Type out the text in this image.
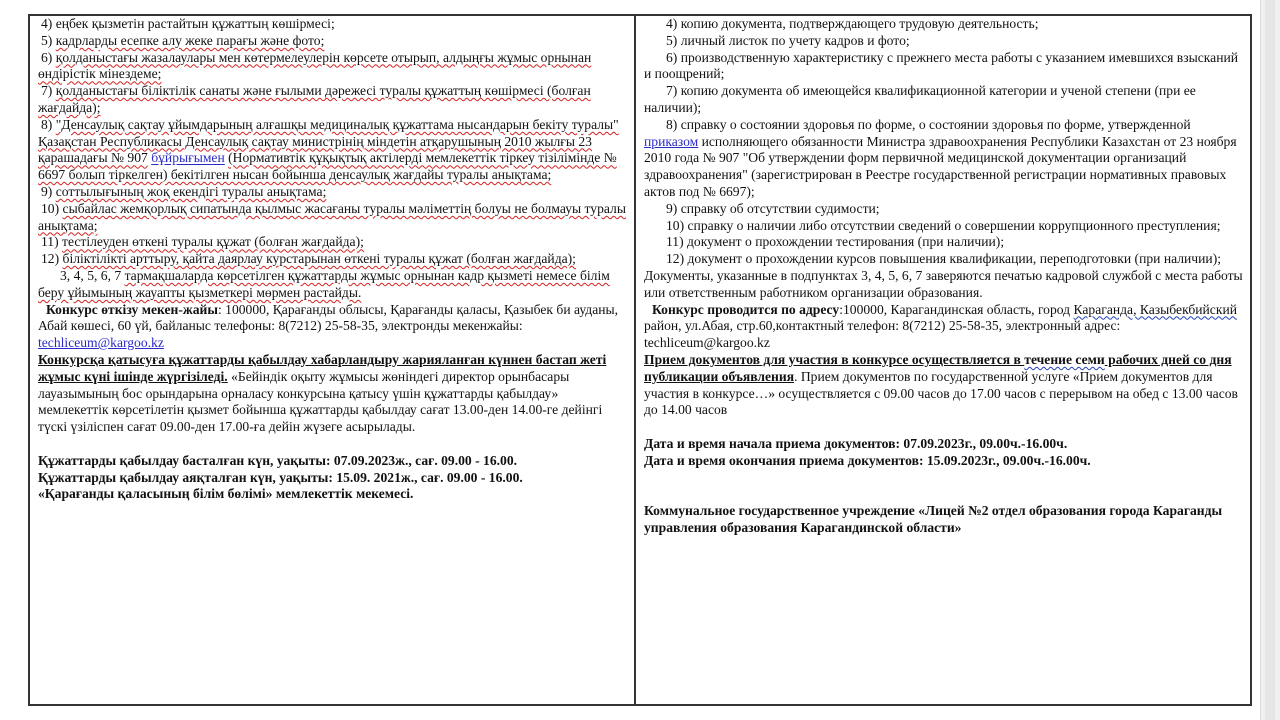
4) еңбек қызметін растайтын құжаттың көшірмесі;

5) кадрларды есепке алу жеке парағы және фото;

6) қолданыстағы жазалаулары мен көтермелеулерін көрсете отырып, алдыңғы жұмыс орнынан өндірістік мінездеме;

7) қолданыстағы біліктілік санаты және ғылыми дәрежесі туралы құжаттың көшірмесі (болған жағдайда);

8) "Денсаулық сақтау ұйымдарының алғашқы медициналық құжаттама нысандарын бекіту туралы" Қазақстан Республикасы Денсаулық сақтау министрінің міндетін атқарушының 2010 жылғы 23 қарашадағы № 907 бұйрығымен (Нормативтік құқықтық актілерді мемлекеттік тіркеу тізілімінде № 6697 болып тіркелген) бекітілген нысан бойынша денсаулық жағдайы туралы анықтама;

9) соттылығының жоқ екендігі туралы анықтама;

10) сыбайлас жемқорлық сипатында қылмыс жасағаны туралы мәліметтің болуы не болмауы туралы анықтама;

11) тестілеуден өткені туралы құжат (болған жағдайда);

12) біліктілікті арттыру, қайта даярлау курстарынан өткені туралы құжат (болған жағдайда);

3, 4, 5, 6, 7 тармақшаларда көрсетілген құжаттарды жұмыс орнынан кадр қызметі немесе білім беру ұйымының жауапты қызметкері мөрмен растайды.

Конкурс өткізу мекен-жайы: 100000, Қарағанды облысы, Қарағанды қаласы, Қазыбек би ауданы, Абай көшесі, 60 үй, байланыс телефоны: 8(7212) 25-58-35, электронды мекенжайы: techliceum@kargoo.kz

Конкурсқа қатысуға құжаттарды қабылдау хабарландыру жарияланған күннен бастап жеті жұмыс күні ішінде жүргізіледі. «Бейіндік оқыту жұмысы жөніндегі директор орынбасары лауазымының бос орындарына орналасу конкурсына қатысу үшін құжаттарды қабылдау» мемлекеттік көрсетілетін қызмет бойынша құжаттарды қабылдау сағат 13.00-ден 14.00-ге дейінгі түскі үзіліспен сағат 09.00-ден 17.00-ға дейін жүзеге асырылады.

Құжаттарды қабылдау басталған күн, уақыты: 07.09.2023ж., сағ. 09.00 - 16.00.

Құжаттарды қабылдау аяқталған күн, уақыты: 15.09. 2021ж., сағ. 09.00 - 16.00.

«Қарағанды қаласының білім бөлімі» мемлекеттік мекемесі.

4) копию документа, подтверждающего трудовую деятельность;

5) личный листок по учету кадров и фото;

6) производственную характеристику с прежнего места работы с указанием имевшихся взысканий и поощрений;

7) копию документа об имеющейся квалификационной категории и ученой степени (при ее наличии);

8) справку о состоянии здоровья по форме, о состоянии здоровья по форме, утвержденной приказом исполняющего обязанности Министра здравоохранения Республики Казахстан от 23 ноября 2010 года № 907 "Об утверждении форм первичной медицинской документации организаций здравоохранения" (зарегистрирован в Реестре государственной регистрации нормативных правовых актов под № 6697);

9) справку об отсутствии судимости;

10) справку о наличии либо отсутствии сведений о совершении коррупционного преступления;

11) документ о прохождении тестирования (при наличии);

12) документ о прохождении курсов повышения квалификации, переподготовки (при наличии);

Документы, указанные в подпунктах 3, 4, 5, 6, 7 заверяются печатью кадровой службой с места работы или ответственным работником организации образования.

Конкурс проводится по адресу:100000, Карагандинская область, город Караганда, Казыбекбийский район, ул.Абая, стр.60,контактный телефон: 8(7212) 25-58-35, электронный адрес: techliceum@kargoo.kz

Прием документов для участия в конкурсе осуществляется в течение семи рабочих дней со дня публикации объявления. Прием документов по государственной услуге «Прием документов для участия в конкурсе…» осуществляется с 09.00 часов до 17.00 часов с перерывом на обед с 13.00 часов до 14.00 часов

Дата и время начала приема документов: 07.09.2023г., 09.00ч.-16.00ч.

Дата и время окончания приема документов: 15.09.2023г., 09.00ч.-16.00ч.

Коммунальное государственное учреждение «Лицей №2 отдел образования города Караганды управления образования Карагандинской области»
